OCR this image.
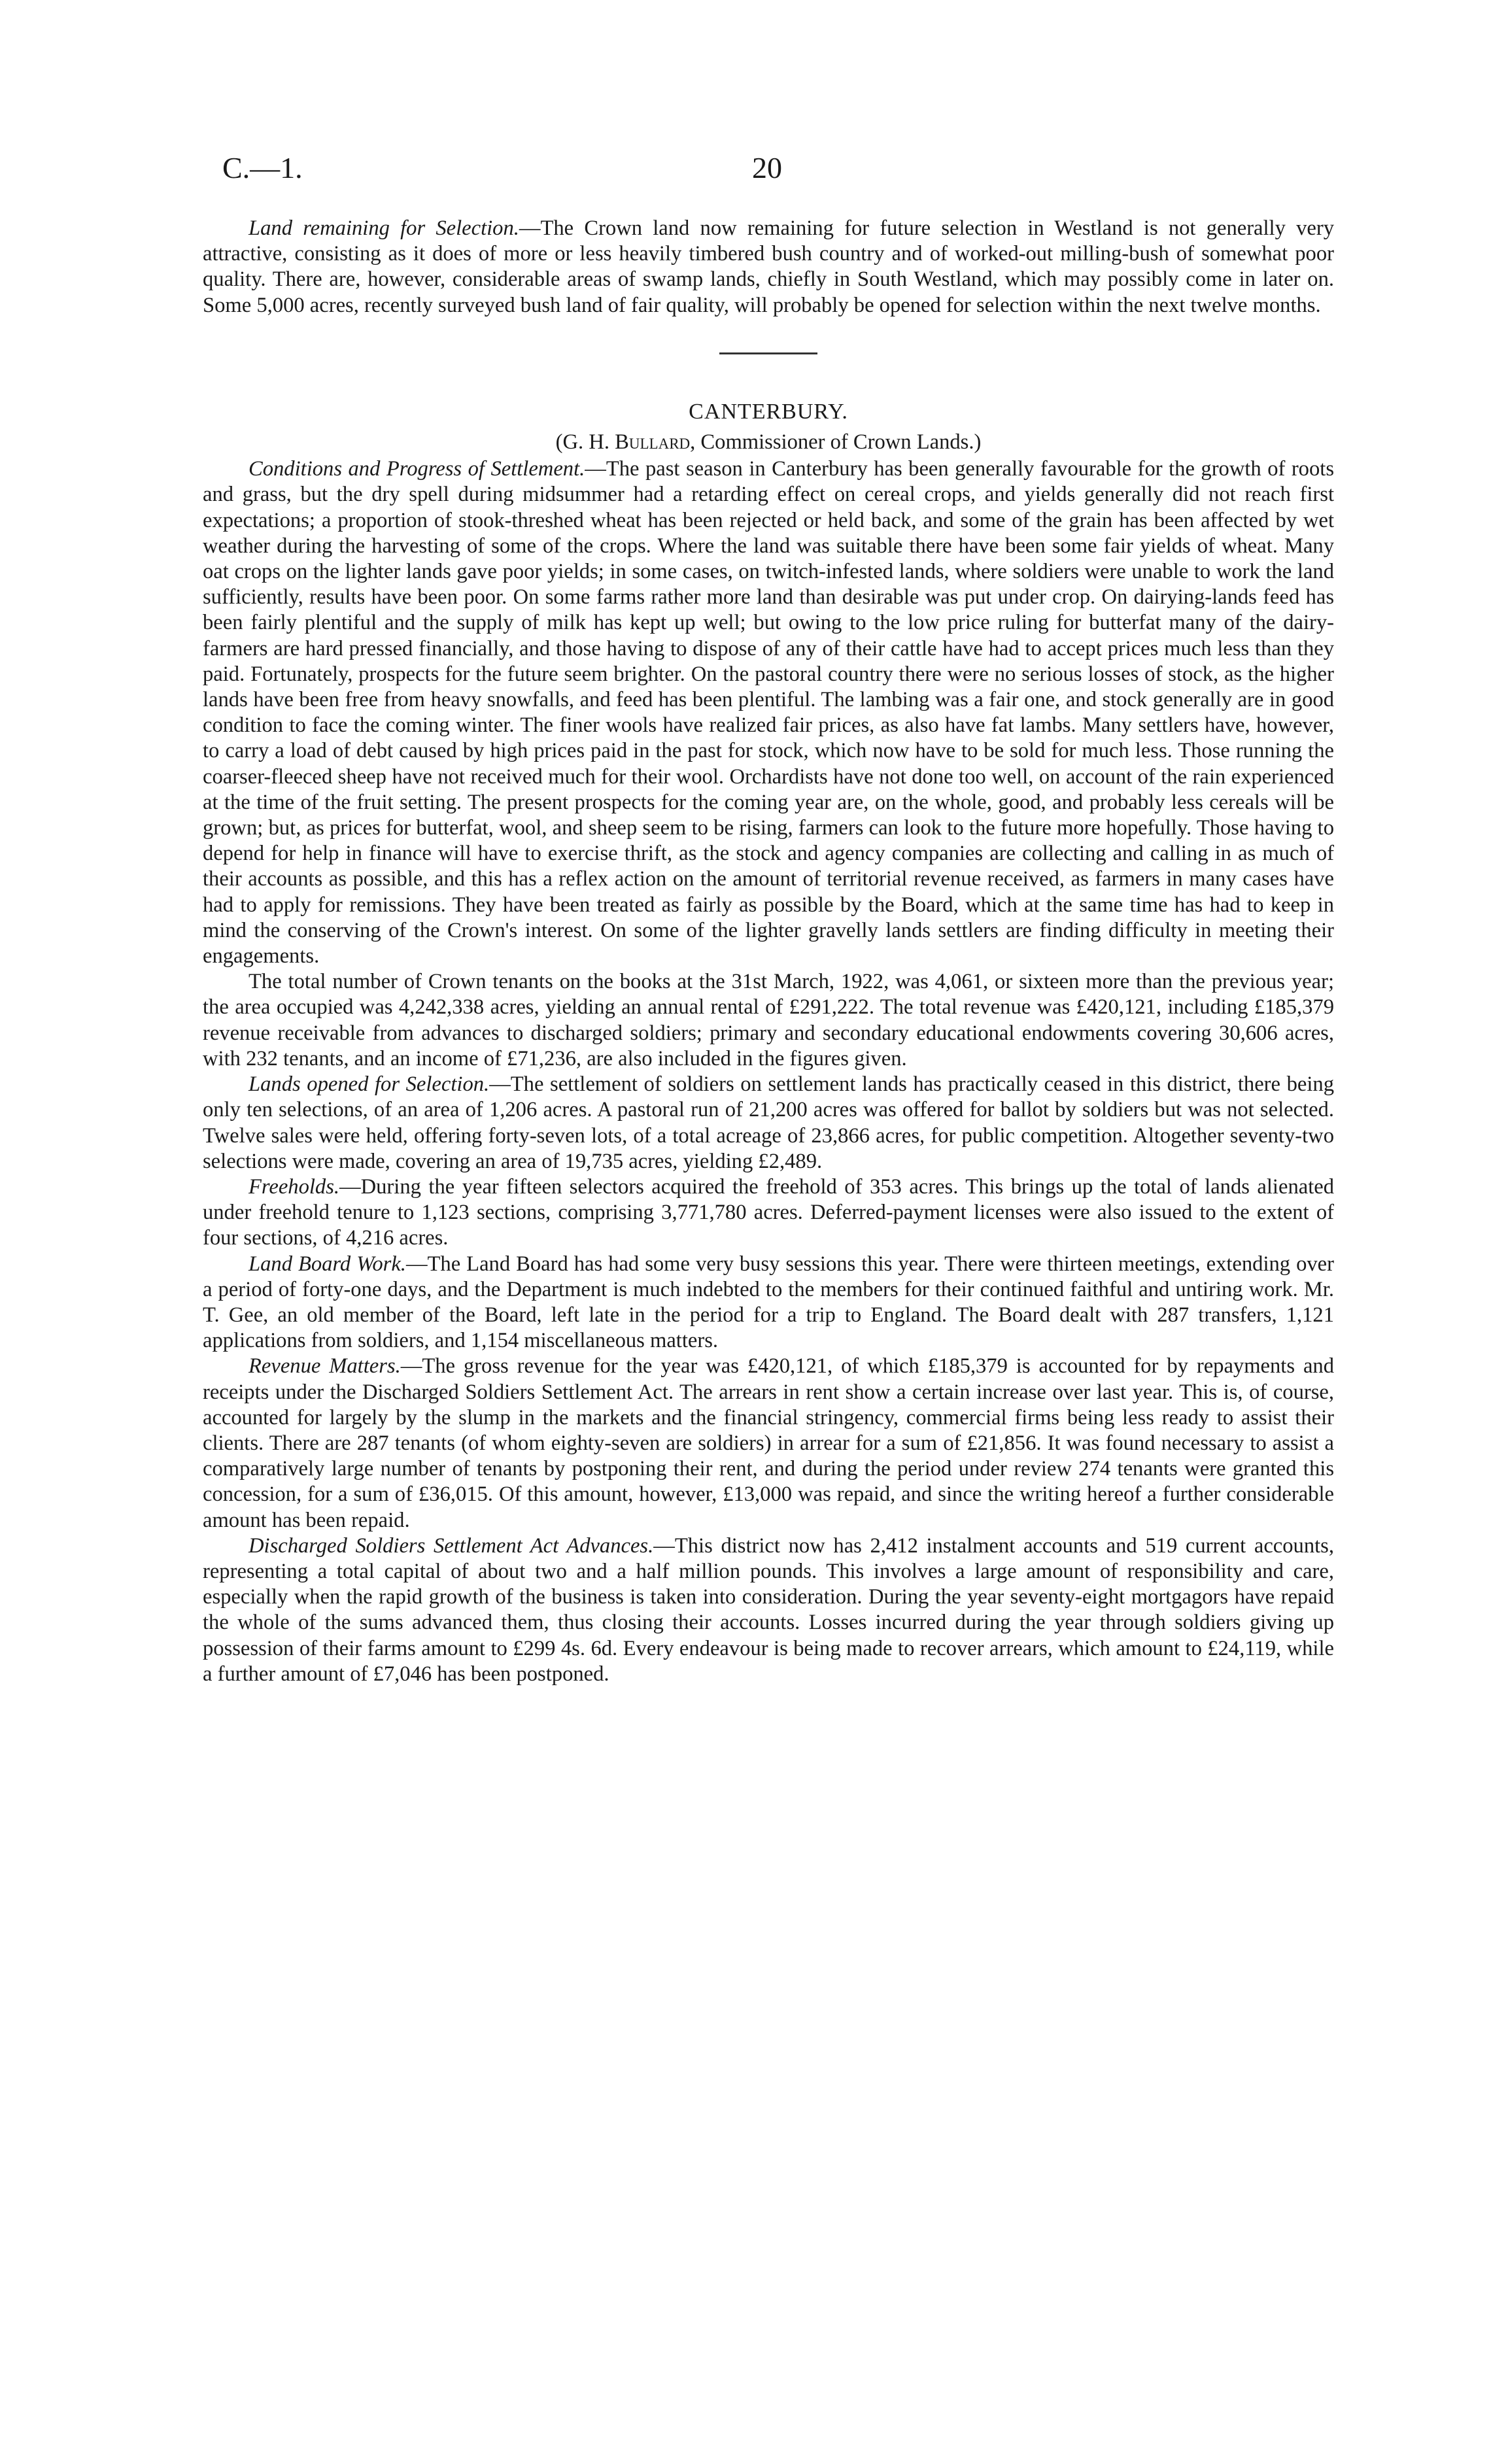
C.—1.	20

Land remaining for Selection.—The Crown land now remaining for future selection in Westland is not generally very attractive, consisting as it does of more or less heavily timbered bush country and of worked-out milling-bush of somewhat poor quality. There are, however, considerable areas of swamp lands, chiefly in South Westland, which may possibly come in later on. Some 5,000 acres, recently surveyed bush land of fair quality, will probably be opened for selection within the next twelve months.

CANTERBURY.

(G. H. Bullard, Commissioner of Crown Lands.)

Conditions and Progress of Settlement.—The past season in Canterbury has been generally favourable for the growth of roots and grass, but the dry spell during midsummer had a retarding effect on cereal crops, and yields generally did not reach first expectations; a proportion of stook-threshed wheat has been rejected or held back, and some of the grain has been affected by wet weather during the harvesting of some of the crops. Where the land was suitable there have been some fair yields of wheat. Many oat crops on the lighter lands gave poor yields; in some cases, on twitch-infested lands, where soldiers were unable to work the land sufficiently, results have been poor. On some farms rather more land than desirable was put under crop. On dairying-lands feed has been fairly plentiful and the supply of milk has kept up well; but owing to the low price ruling for butterfat many of the dairy-farmers are hard pressed financially, and those having to dispose of any of their cattle have had to accept prices much less than they paid. Fortunately, prospects for the future seem brighter. On the pastoral country there were no serious losses of stock, as the higher lands have been free from heavy snowfalls, and feed has been plentiful. The lambing was a fair one, and stock generally are in good condition to face the coming winter. The finer wools have realized fair prices, as also have fat lambs. Many settlers have, however, to carry a load of debt caused by high prices paid in the past for stock, which now have to be sold for much less. Those running the coarser-fleeced sheep have not received much for their wool. Orchardists have not done too well, on account of the rain experienced at the time of the fruit setting. The present prospects for the coming year are, on the whole, good, and probably less cereals will be grown; but, as prices for butterfat, wool, and sheep seem to be rising, farmers can look to the future more hopefully. Those having to depend for help in finance will have to exercise thrift, as the stock and agency companies are collecting and calling in as much of their accounts as possible, and this has a reflex action on the amount of territorial revenue received, as farmers in many cases have had to apply for remissions. They have been treated as fairly as possible by the Board, which at the same time has had to keep in mind the conserving of the Crown's interest. On some of the lighter gravelly lands settlers are finding difficulty in meeting their engagements.

The total number of Crown tenants on the books at the 31st March, 1922, was 4,061, or sixteen more than the previous year; the area occupied was 4,242,338 acres, yielding an annual rental of £291,222. The total revenue was £420,121, including £185,379 revenue receivable from advances to discharged soldiers; primary and secondary educational endowments covering 30,606 acres, with 232 tenants, and an income of £71,236, are also included in the figures given.

Lands opened for Selection.—The settlement of soldiers on settlement lands has practically ceased in this district, there being only ten selections, of an area of 1,206 acres. A pastoral run of 21,200 acres was offered for ballot by soldiers but was not selected. Twelve sales were held, offering forty-seven lots, of a total acreage of 23,866 acres, for public competition. Altogether seventy-two selections were made, covering an area of 19,735 acres, yielding £2,489.

Freeholds.—During the year fifteen selectors acquired the freehold of 353 acres. This brings up the total of lands alienated under freehold tenure to 1,123 sections, comprising 3,771,780 acres. Deferred-payment licenses were also issued to the extent of four sections, of 4,216 acres.

Land Board Work.—The Land Board has had some very busy sessions this year. There were thirteen meetings, extending over a period of forty-one days, and the Department is much indebted to the members for their continued faithful and untiring work. Mr. T. Gee, an old member of the Board, left late in the period for a trip to England. The Board dealt with 287 transfers, 1,121 applications from soldiers, and 1,154 miscellaneous matters.

Revenue Matters.—The gross revenue for the year was £420,121, of which £185,379 is accounted for by repayments and receipts under the Discharged Soldiers Settlement Act. The arrears in rent show a certain increase over last year. This is, of course, accounted for largely by the slump in the markets and the financial stringency, commercial firms being less ready to assist their clients. There are 287 tenants (of whom eighty-seven are soldiers) in arrear for a sum of £21,856. It was found necessary to assist a comparatively large number of tenants by postponing their rent, and during the period under review 274 tenants were granted this concession, for a sum of £36,015. Of this amount, however, £13,000 was repaid, and since the writing hereof a further considerable amount has been repaid.

Discharged Soldiers Settlement Act Advances.—This district now has 2,412 instalment accounts and 519 current accounts, representing a total capital of about two and a half million pounds. This involves a large amount of responsibility and care, especially when the rapid growth of the business is taken into consideration. During the year seventy-eight mortgagors have repaid the whole of the sums advanced them, thus closing their accounts. Losses incurred during the year through soldiers giving up possession of their farms amount to £299 4s. 6d. Every endeavour is being made to recover arrears, which amount to £24,119, while a further amount of £7,046 has been postponed.
